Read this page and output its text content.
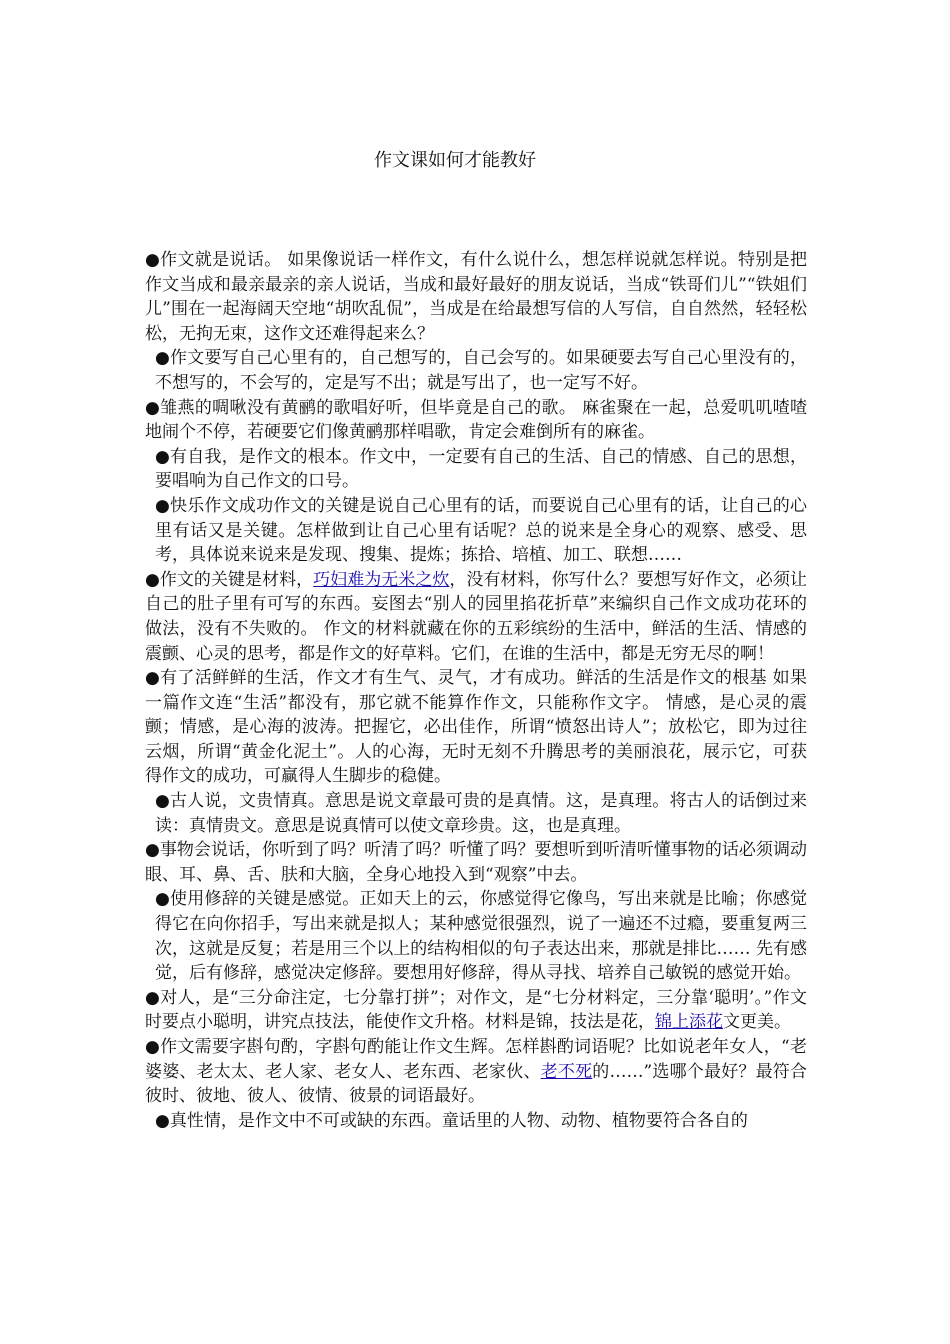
作文课如何才能教好

●作文就是说话。 如果像说话一样作文，有什么说什么，想怎样说就怎样说。特别是把作文当成和最亲最亲的亲人说话，当成和最好最好的朋友说话，当成“铁哥们儿”“铁姐们儿”围在一起海阔天空地“胡吹乱侃”，当成是在给最想写信的人写信，自自然然，轻轻松松，无拘无束，这作文还难得起来么？

●作文要写自己心里有的，自己想写的，自己会写的。如果硬要去写自己心里没有的，不想写的，不会写的，定是写不出；就是写出了，也一定写不好。

●雏燕的啁啾没有黄鹂的歌唱好听，但毕竟是自己的歌。 麻雀聚在一起，总爱叽叽喳喳地闹个不停，若硬要它们像黄鹂那样唱歌，肯定会难倒所有的麻雀。

●有自我，是作文的根本。作文中，一定要有自己的生活、自己的情感、自己的思想，要唱响为自己作文的口号。

●快乐作文成功作文的关键是说自己心里有的话，而要说自己心里有的话，让自己的心里有话又是关键。怎样做到让自己心里有话呢？总的说来是全身心的观察、感受、思考，具体说来说来是发现、搜集、提炼；拣拾、培植、加工、联想……

●作文的关键是材料，巧妇难为无米之炊，没有材料，你写什么？要想写好作文，必须让自己的肚子里有可写的东西。妄图去“别人的园里掐花折草”来编织自己作文成功花环的做法，没有不失败的。 作文的材料就藏在你的五彩缤纷的生活中，鲜活的生活、情感的震颤、心灵的思考，都是作文的好草料。它们，在谁的生活中，都是无穷无尽的啊！

●有了活鲜鲜的生活，作文才有生气、灵气，才有成功。鲜活的生活是作文的根基 如果一篇作文连“生活”都没有，那它就不能算作作文，只能称作文字。 情感，是心灵的震颤；情感，是心海的波涛。把握它，必出佳作，所谓“愤怒出诗人”；放松它，即为过往云烟，所谓“黄金化泥土”。人的心海，无时无刻不升腾思考的美丽浪花，展示它，可获得作文的成功，可赢得人生脚步的稳健。

●古人说，文贵情真。意思是说文章最可贵的是真情。这，是真理。将古人的话倒过来读：真情贵文。意思是说真情可以使文章珍贵。这，也是真理。

●事物会说话，你听到了吗？听清了吗？听懂了吗？要想听到听清听懂事物的话必须调动眼、耳、鼻、舌、肤和大脑，全身心地投入到“观察”中去。

●使用修辞的关键是感觉。正如天上的云，你感觉得它像鸟，写出来就是比喻；你感觉得它在向你招手，写出来就是拟人；某种感觉很强烈，说了一遍还不过瘾，要重复两三次，这就是反复；若是用三个以上的结构相似的句子表达出来，那就是排比…… 先有感觉，后有修辞，感觉决定修辞。要想用好修辞，得从寻找、培养自己敏锐的感觉开始。

●对人，是“三分命注定，七分靠打拼”；对作文，是“七分材料定，三分靠‘聪明’。”作文时要点小聪明，讲究点技法，能使作文升格。材料是锦，技法是花，锦上添花文更美。

●作文需要字斟句酌，字斟句酌能让作文生辉。怎样斟酌词语呢？比如说老年女人，“老婆婆、老太太、老人家、老女人、老东西、老家伙、老不死的……”选哪个最好？最符合彼时、彼地、彼人、彼情、彼景的词语最好。

●真性情，是作文中不可或缺的东西。童话里的人物、动物、植物要符合各自的
